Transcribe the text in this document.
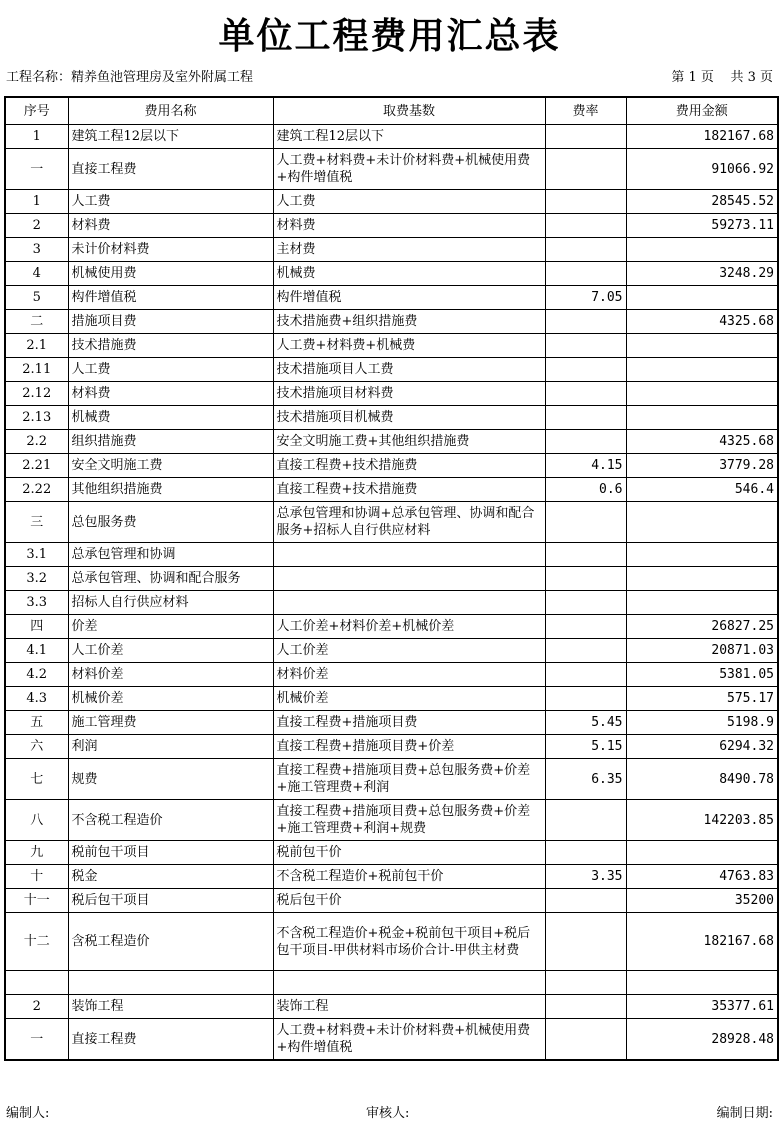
单位工程费用汇总表
工程名称：精养鱼池管理房及室外附属工程	第 1 页    共 3 页
序号	费用名称	取费基数	费率	费用金额
1	建筑工程12层以下	建筑工程12层以下		182167.68
一	直接工程费	人工费+材料费+未计价材料费+机械使用费+构件增值税		91066.92
1	人工费	人工费		28545.52
2	材料费	材料费		59273.11
3	未计价材料费	主材费		
4	机械使用费	机械费		3248.29
5	构件增值税	构件增值税	7.05	
二	措施项目费	技术措施费+组织措施费		4325.68
2.1	技术措施费	人工费+材料费+机械费		
2.11	人工费	技术措施项目人工费		
2.12	材料费	技术措施项目材料费		
2.13	机械费	技术措施项目机械费		
2.2	组织措施费	安全文明施工费+其他组织措施费		4325.68
2.21	安全文明施工费	直接工程费+技术措施费	4.15	3779.28
2.22	其他组织措施费	直接工程费+技术措施费	0.6	546.4
三	总包服务费	总承包管理和协调+总承包管理、协调和配合服务+招标人自行供应材料		
3.1	总承包管理和协调			
3.2	总承包管理、协调和配合服务			
3.3	招标人自行供应材料			
四	价差	人工价差+材料价差+机械价差		26827.25
4.1	人工价差	人工价差		20871.03
4.2	材料价差	材料价差		5381.05
4.3	机械价差	机械价差		575.17
五	施工管理费	直接工程费+措施项目费	5.45	5198.9
六	利润	直接工程费+措施项目费+价差	5.15	6294.32
七	规费	直接工程费+措施项目费+总包服务费+价差+施工管理费+利润	6.35	8490.78
八	不含税工程造价	直接工程费+措施项目费+总包服务费+价差+施工管理费+利润+规费		142203.85
九	税前包干项目	税前包干价		
十	税金	不含税工程造价+税前包干价	3.35	4763.83
十一	税后包干项目	税后包干价		35200
十二	含税工程造价	不含税工程造价+税金+税前包干项目+税后包干项目-甲供材料市场价合计-甲供主材费		182167.68

2	装饰工程	装饰工程		35377.61
一	直接工程费	人工费+材料费+未计价材料费+机械使用费+构件增值税		28928.48
编制人:	审核人:	编制日期:
